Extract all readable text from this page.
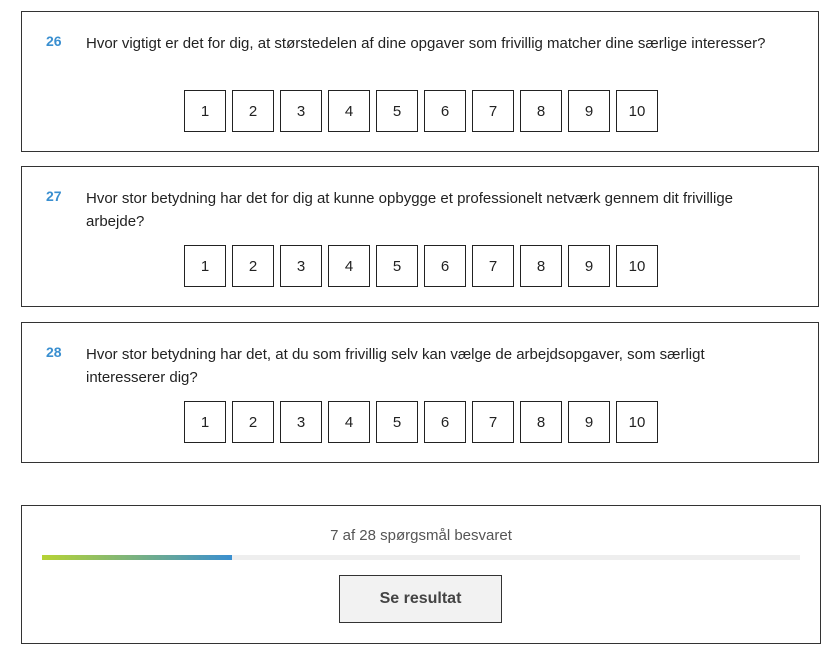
26 Hvor vigtigt er det for dig, at størstedelen af dine opgaver som frivillig matcher dine særlige interesser?
1	2	3	4	5	6	7	8	9	10
27 Hvor stor betydning har det for dig at kunne opbygge et professionelt netværk gennem dit frivillige arbejde?
1	2	3	4	5	6	7	8	9	10
28 Hvor stor betydning har det, at du som frivillig selv kan vælge de arbejdsopgaver, som særligt interesserer dig?
1	2	3	4	5	6	7	8	9	10
7 af 28 spørgsmål besvaret
Se resultat
